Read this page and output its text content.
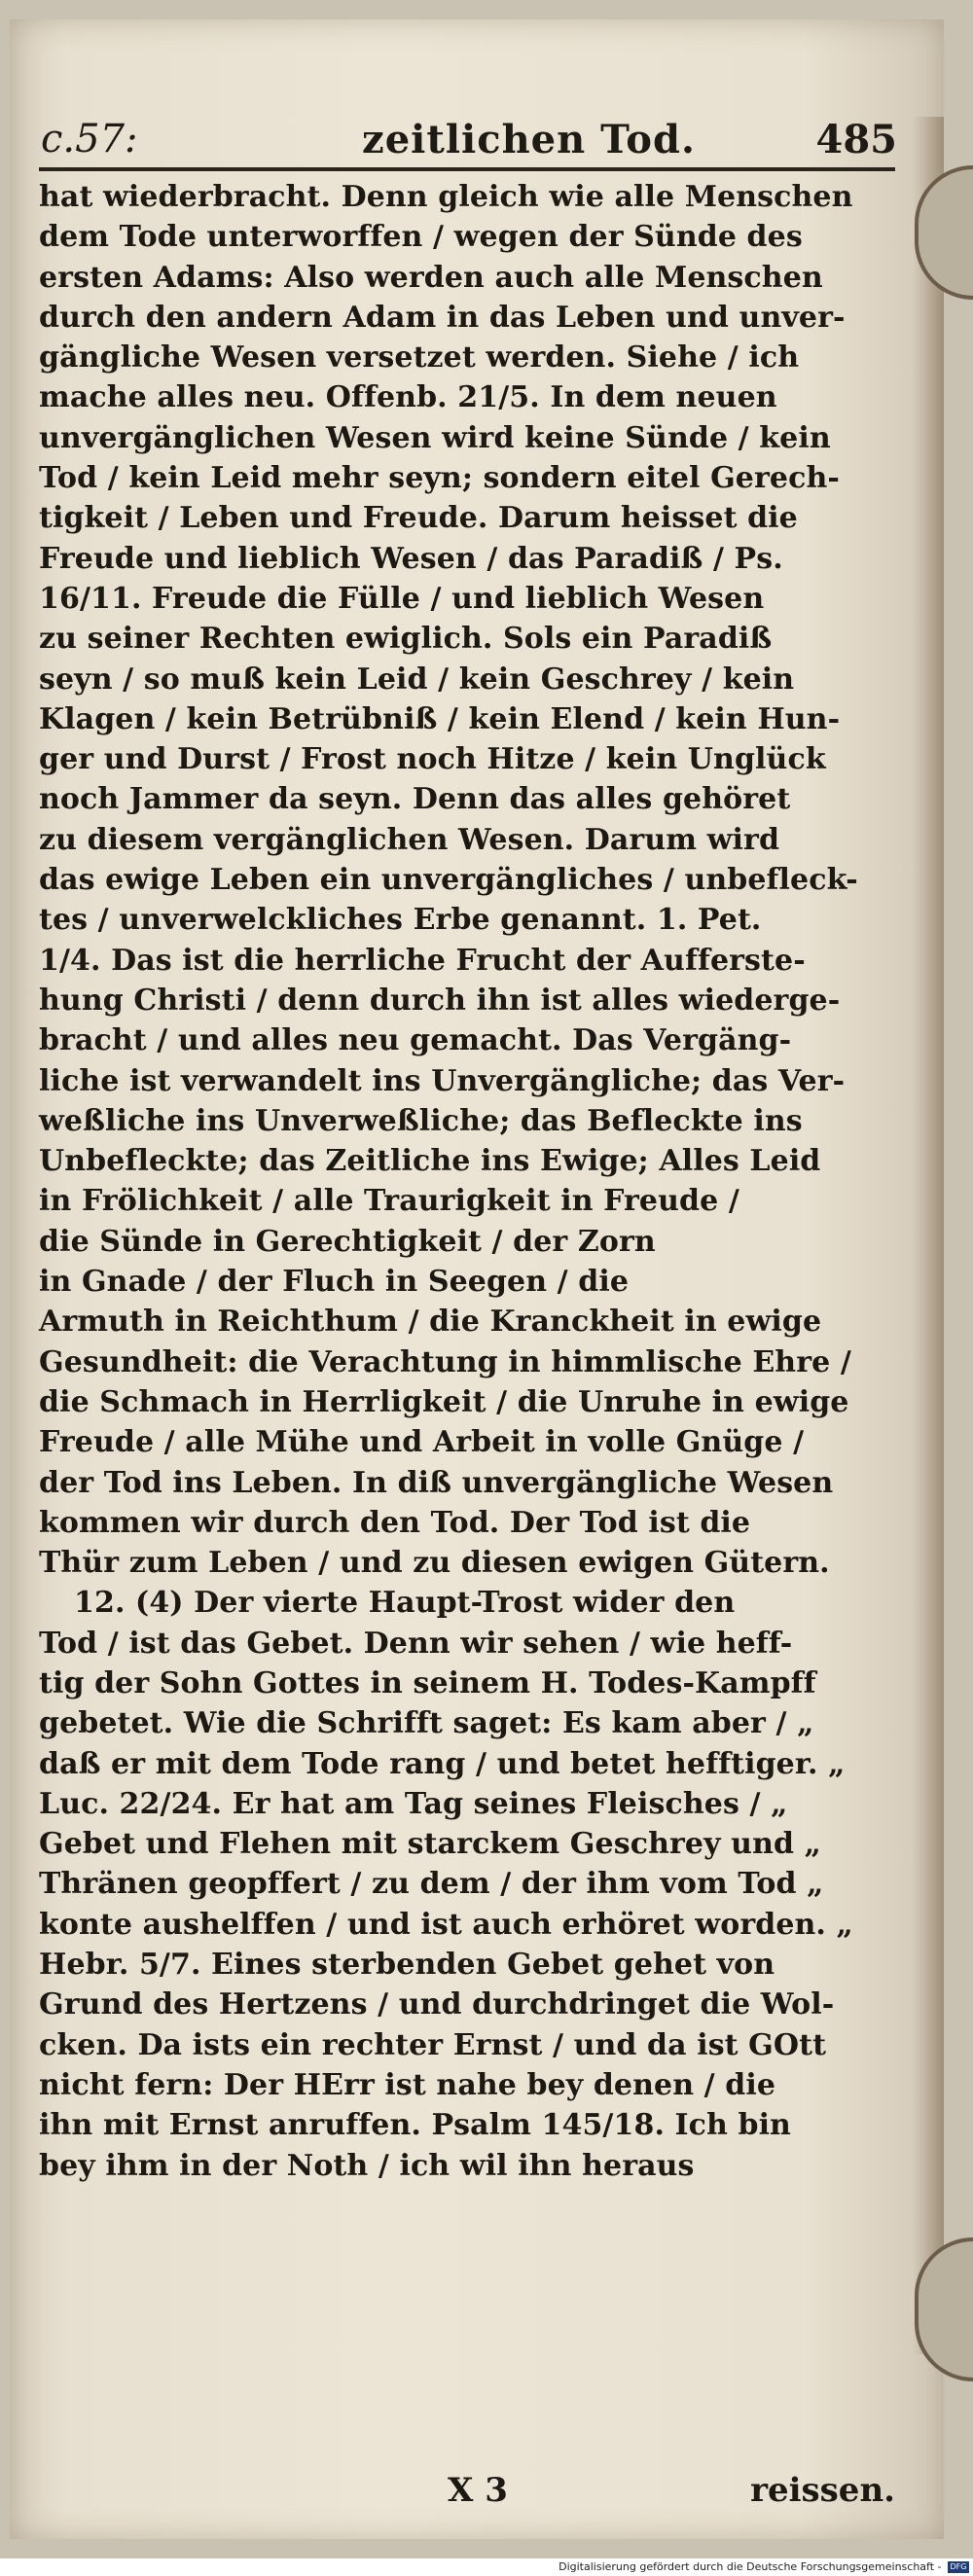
c.57:	zeitlichen Tod.	485
hat wiederbracht. Denn gleich wie alle Menschen
dem Tode unterworffen / wegen der Sünde des
ersten Adams: Also werden auch alle Menschen
durch den andern Adam in das Leben und unver-
gängliche Wesen versetzet werden. Siehe / ich
mache alles neu. Offenb. 21/5. In dem neuen
unvergänglichen Wesen wird keine Sünde / kein
Tod / kein Leid mehr seyn; sondern eitel Gerech-
tigkeit / Leben und Freude. Darum heisset die
Freude und lieblich Wesen / das Paradiß / Ps.
16/11. Freude die Fülle / und lieblich Wesen
zu seiner Rechten ewiglich. Sols ein Paradiß
seyn / so muß kein Leid / kein Geschrey / kein
Klagen / kein Betrübniß / kein Elend / kein Hun-
ger und Durst / Frost noch Hitze / kein Unglück
noch Jammer da seyn. Denn das alles gehöret
zu diesem vergänglichen Wesen. Darum wird
das ewige Leben ein unvergängliches / unbefleck-
tes / unverwelckliches Erbe genannt. 1. Pet.
1/4. Das ist die herrliche Frucht der Aufferste-
hung Christi / denn durch ihn ist alles wiederge-
bracht / und alles neu gemacht. Das Vergäng-
liche ist verwandelt ins Unvergängliche; das Ver-
weßliche ins Unverweßliche; das Befleckte ins
Unbefleckte; das Zeitliche ins Ewige; Alles Leid
in Frölichkeit / alle Traurigkeit in Freude /
die Sünde in Gerechtigkeit / der Zorn
in Gnade / der Fluch in Seegen / die
Armuth in Reichthum / die Kranckheit in ewige
Gesundheit: die Verachtung in himmlische Ehre /
die Schmach in Herrligkeit / die Unruhe in ewige
Freude / alle Mühe und Arbeit in volle Gnüge /
der Tod ins Leben. In diß unvergängliche Wesen
kommen wir durch den Tod. Der Tod ist die
Thür zum Leben / und zu diesen ewigen Gütern.
12. (4) Der vierte Haupt-Trost wider den
Tod / ist das Gebet. Denn wir sehen / wie heff-
tig der Sohn Gottes in seinem H. Todes-Kampff
gebetet. Wie die Schrifft saget: Es kam aber / „
daß er mit dem Tode rang / und betet hefftiger. „
Luc. 22/24. Er hat am Tag seines Fleisches / „
Gebet und Flehen mit starckem Geschrey und „
Thränen geopffert / zu dem / der ihm vom Tod „
konte aushelffen / und ist auch erhöret worden. „
Hebr. 5/7. Eines sterbenden Gebet gehet von
Grund des Hertzens / und durchdringet die Wol-
cken. Da ists ein rechter Ernst / und da ist GOtt
nicht fern: Der HErr ist nahe bey denen / die
ihn mit Ernst anruffen. Psalm 145/18. Ich bin
bey ihm in der Noth / ich wil ihn heraus
X 3	reissen.
Digitalisierung gefördert durch die Deutsche Forschungsgemeinschaft - DFG
